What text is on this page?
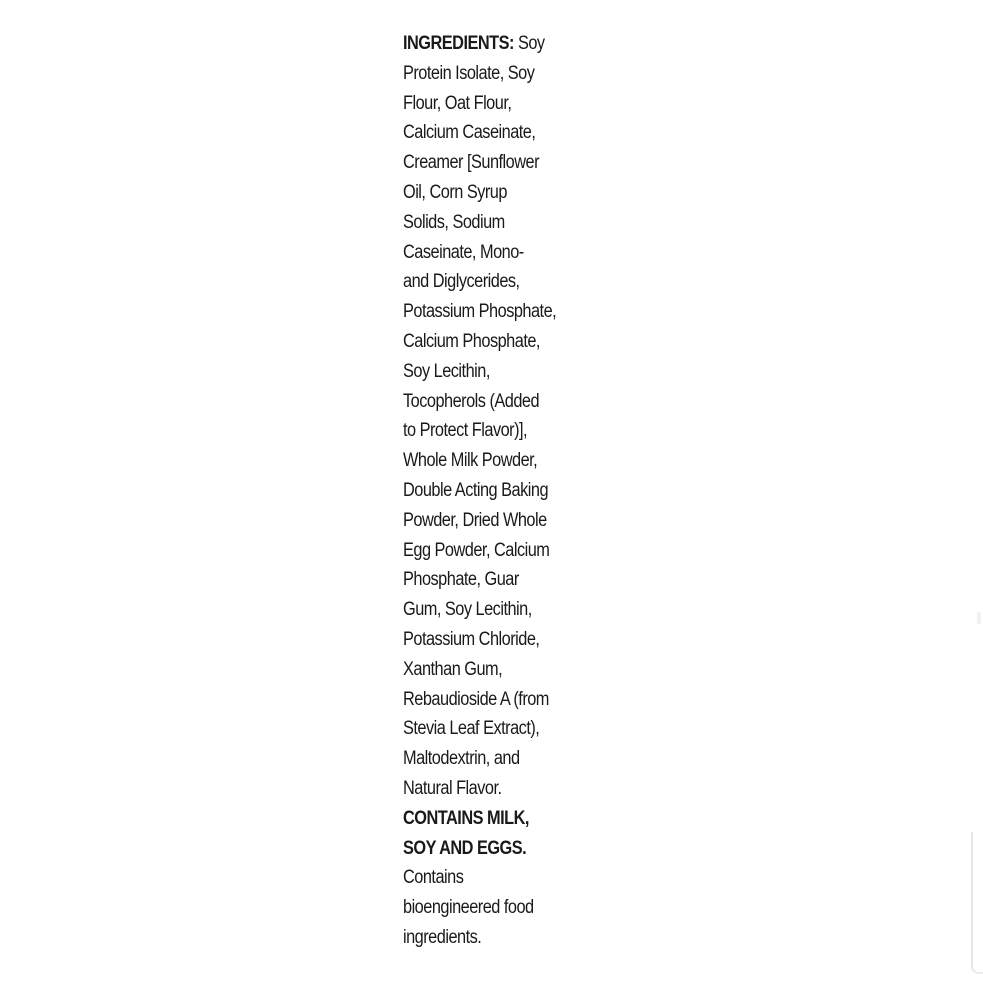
INGREDIENTS: Soy
Protein Isolate, Soy
Flour, Oat Flour,
Calcium Caseinate,
Creamer [Sunflower
Oil, Corn Syrup
Solids, Sodium
Caseinate, Mono-
and Diglycerides,
Potassium Phosphate,
Calcium Phosphate,
Soy Lecithin,
Tocopherols (Added
to Protect Flavor)],
Whole Milk Powder,
Double Acting Baking
Powder, Dried Whole
Egg Powder, Calcium
Phosphate, Guar
Gum, Soy Lecithin,
Potassium Chloride,
Xanthan Gum,
Rebaudioside A (from
Stevia Leaf Extract),
Maltodextrin, and
Natural Flavor.
CONTAINS MILK,
SOY AND EGGS.
Contains
bioengineered food
ingredients.
